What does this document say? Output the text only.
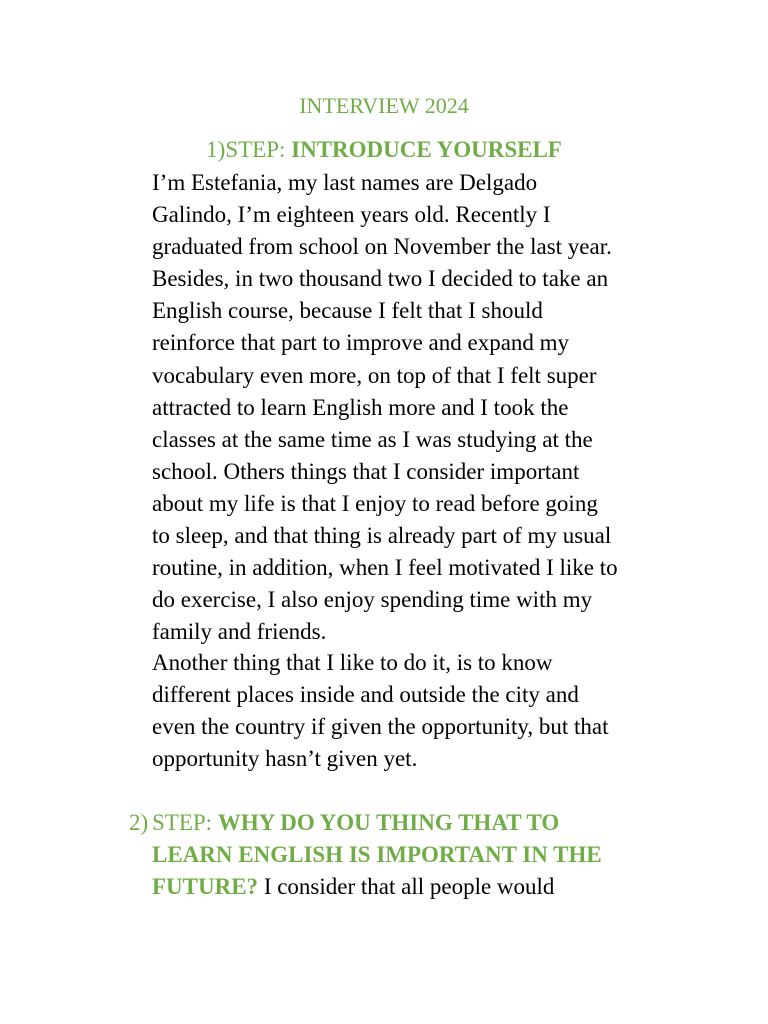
INTERVIEW 2024
1)STEP: INTRODUCE YOURSELF
I’m Estefania, my last names are Delgado
Galindo, I’m eighteen years old. Recently I
graduated from school on November the last year.
Besides, in two thousand two I decided to take an
English course, because I felt that I should
reinforce that part to improve and expand my
vocabulary even more, on top of that I felt super
attracted to learn English more and I took the
classes at the same time as I was studying at the
school. Others things that I consider important
about my life is that I enjoy to read before going
to sleep, and that thing is already part of my usual
routine, in addition, when I feel motivated I like to
do exercise, I also enjoy spending time with my
family and friends.
Another thing that I like to do it, is to know
different places inside and outside the city and
even the country if given the opportunity, but that
opportunity hasn’t given yet.
2) STEP: WHY DO YOU THING THAT TO
LEARN ENGLISH IS IMPORTANT IN THE
FUTURE? I consider that all people would
